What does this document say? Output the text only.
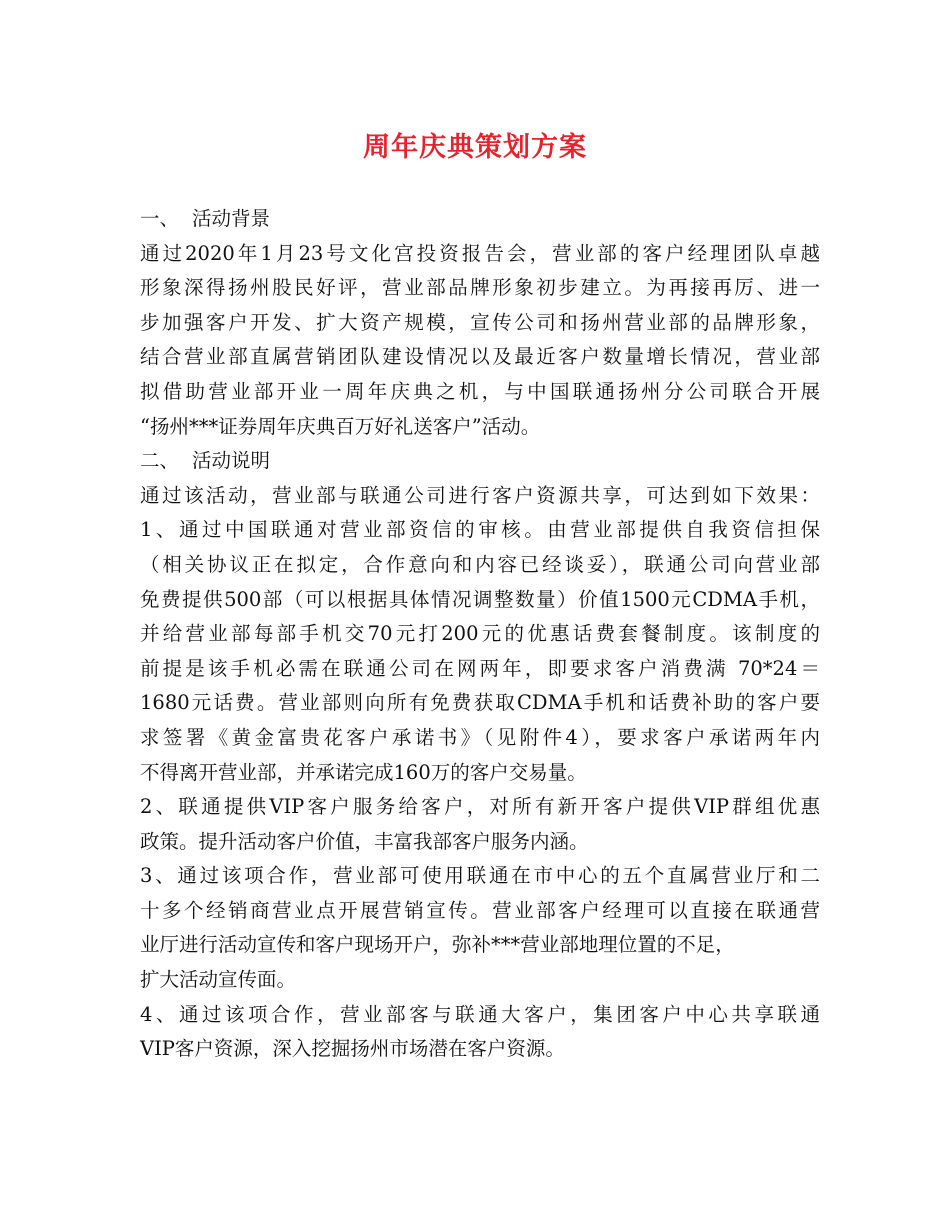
周年庆典策划方案
一、 活动背景
通过2020年1月23号文化宫投资报告会，营业部的客户经理团队卓越
形象深得扬州股民好评，营业部品牌形象初步建立。为再接再厉、进一
步加强客户开发、扩大资产规模，宣传公司和扬州营业部的品牌形象，
结合营业部直属营销团队建设情况以及最近客户数量增长情况，营业部
拟借助营业部开业一周年庆典之机，与中国联通扬州分公司联合开展
“扬州***证券周年庆典百万好礼送客户”活动。
二、 活动说明
通过该活动，营业部与联通公司进行客户资源共享，可达到如下效果：
1、通过中国联通对营业部资信的审核。由营业部提供自我资信担保
（相关协议正在拟定，合作意向和内容已经谈妥），联通公司向营业部
免费提供500部（可以根据具体情况调整数量）价值1500元CDMA手机，
并给营业部每部手机交70元打200元的优惠话费套餐制度。该制度的
前提是该手机必需在联通公司在网两年，即要求客户消费满 70*24＝
1680元话费。营业部则向所有免费获取CDMA手机和话费补助的客户要
求签署《黄金富贵花客户承诺书》（见附件4），要求客户承诺两年内
不得离开营业部，并承诺完成160万的客户交易量。
2、联通提供VIP客户服务给客户，对所有新开客户提供VIP群组优惠
政策。提升活动客户价值，丰富我部客户服务内涵。
3、通过该项合作，营业部可使用联通在市中心的五个直属营业厅和二
十多个经销商营业点开展营销宣传。营业部客户经理可以直接在联通营
业厅进行活动宣传和客户现场开户，弥补***营业部地理位置的不足，
扩大活动宣传面。
4、通过该项合作，营业部客与联通大客户，集团客户中心共享联通
VIP客户资源，深入挖掘扬州市场潜在客户资源。
